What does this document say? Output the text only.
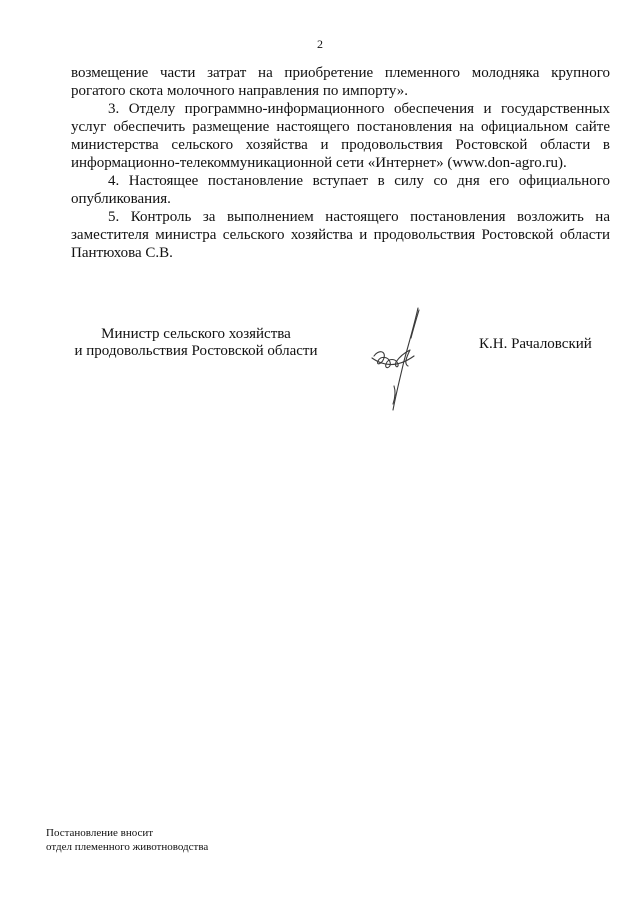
2

возмещение части затрат на приобретение племенного молодняка крупного рогатого скота молочного направления по импорту».

3. Отделу программно-информационного обеспечения и государственных услуг обеспечить размещение настоящего постановления на официальном сайте министерства сельского хозяйства и продовольствия Ростовской области в информационно-телекоммуникационной сети «Интернет» (www.don-agro.ru).

4. Настоящее постановление вступает в силу со дня его официального опубликования.

5. Контроль за выполнением настоящего постановления возложить на заместителя министра сельского хозяйства и продовольствия Ростовской области Пантюхова С.В.

Министр сельского хозяйства
и продовольствия Ростовской области	К.Н. Рачаловский
Постановление вносит
отдел племенного животноводства
